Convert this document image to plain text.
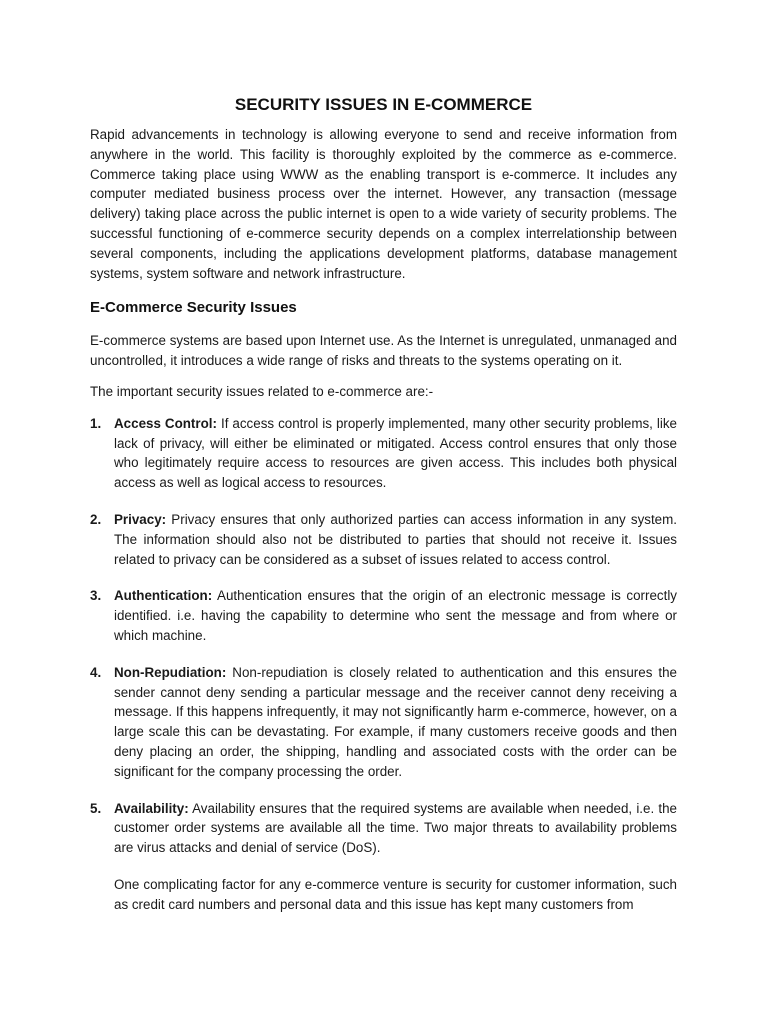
SECURITY ISSUES IN E-COMMERCE

Rapid advancements in technology is allowing everyone to send and receive information from anywhere in the world. This facility is thoroughly exploited by the commerce as e-commerce. Commerce taking place using WWW as the enabling transport is e-commerce. It includes any computer mediated business process over the internet. However, any transaction (message delivery) taking place across the public internet is open to a wide variety of security problems. The successful functioning of e-commerce security depends on a complex interrelationship between several components, including the applications development platforms, database management systems, system software and network infrastructure.

E-Commerce Security Issues

E-commerce systems are based upon Internet use. As the Internet is unregulated, unmanaged and uncontrolled, it introduces a wide range of risks and threats to the systems operating on it.

The important security issues related to e-commerce are:-

1. Access Control: If access control is properly implemented, many other security problems, like lack of privacy, will either be eliminated or mitigated. Access control ensures that only those who legitimately require access to resources are given access. This includes both physical access as well as logical access to resources.
2. Privacy: Privacy ensures that only authorized parties can access information in any system. The information should also not be distributed to parties that should not receive it. Issues related to privacy can be considered as a subset of issues related to access control.
3. Authentication: Authentication ensures that the origin of an electronic message is correctly identified. i.e. having the capability to determine who sent the message and from where or which machine.
4. Non-Repudiation: Non-repudiation is closely related to authentication and this ensures the sender cannot deny sending a particular message and the receiver cannot deny receiving a message. If this happens infrequently, it may not significantly harm e-commerce, however, on a large scale this can be devastating. For example, if many customers receive goods and then deny placing an order, the shipping, handling and associated costs with the order can be significant for the company processing the order.
5. Availability: Availability ensures that the required systems are available when needed, i.e. the customer order systems are available all the time. Two major threats to availability problems are virus attacks and denial of service (DoS).

One complicating factor for any e-commerce venture is security for customer information, such as credit card numbers and personal data and this issue has kept many customers from
